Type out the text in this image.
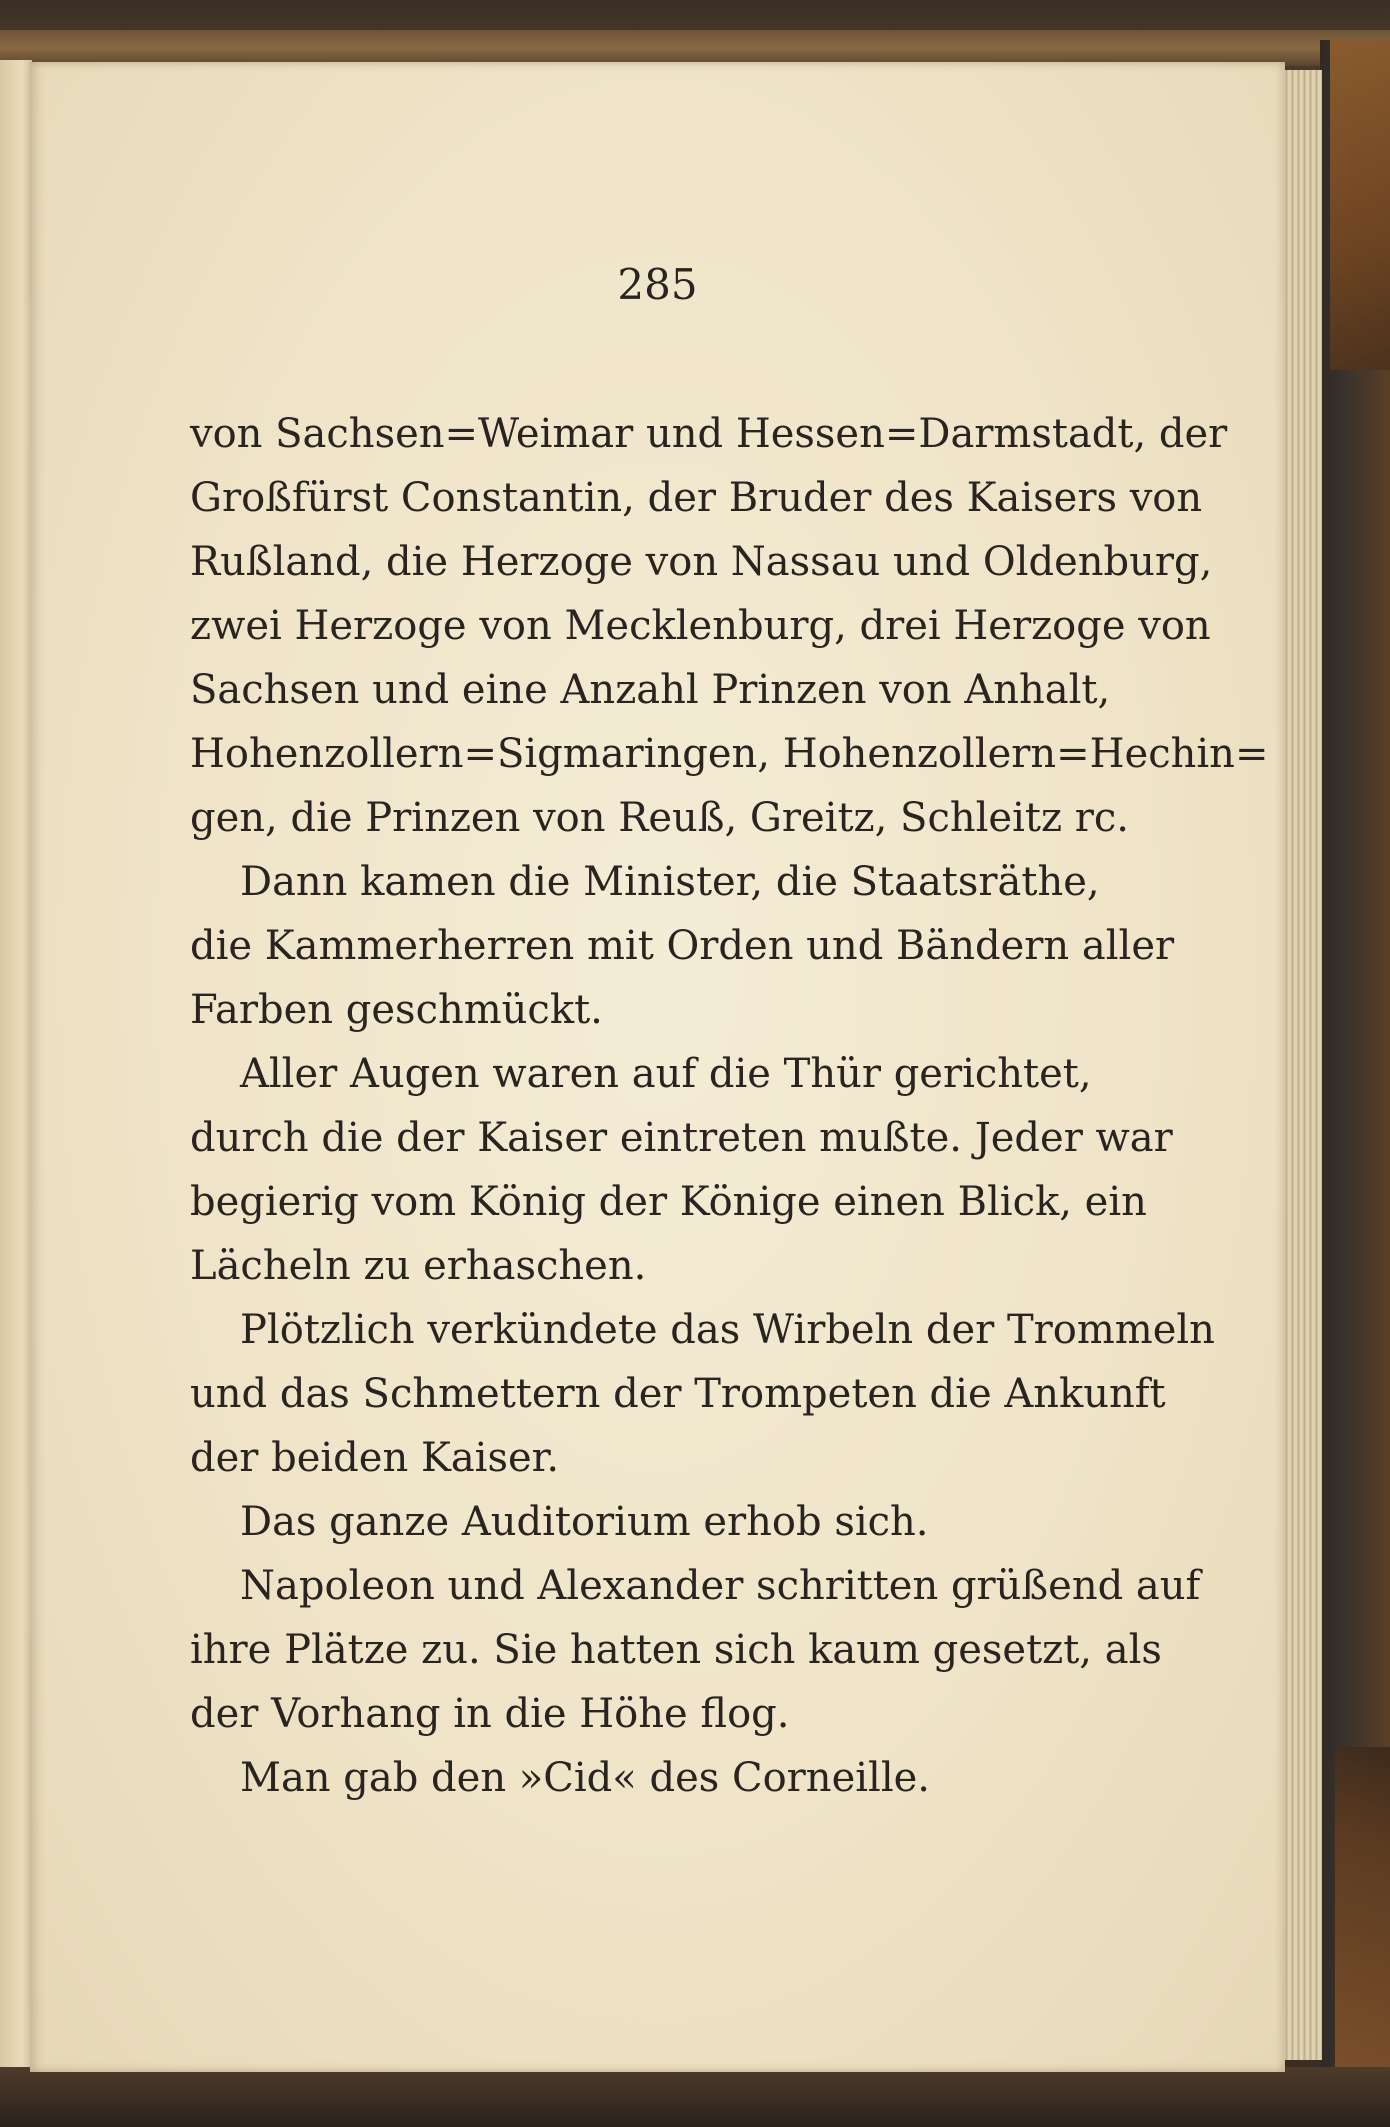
285
von Sachsen=Weimar und Hessen=Darmstadt, der
Großfürst Constantin, der Bruder des Kaisers von
Rußland, die Herzoge von Nassau und Oldenburg,
zwei Herzoge von Mecklenburg, drei Herzoge von
Sachsen und eine Anzahl Prinzen von Anhalt,
Hohenzollern=Sigmaringen, Hohenzollern=Hechin=
gen, die Prinzen von Reuß, Greitz, Schleitz rc.
Dann kamen die Minister, die Staatsräthe,
die Kammerherren mit Orden und Bändern aller
Farben geschmückt.
Aller Augen waren auf die Thür gerichtet,
durch die der Kaiser eintreten mußte. Jeder war
begierig vom König der Könige einen Blick, ein
Lächeln zu erhaschen.
Plötzlich verkündete das Wirbeln der Trommeln
und das Schmettern der Trompeten die Ankunft
der beiden Kaiser.
Das ganze Auditorium erhob sich.
Napoleon und Alexander schritten grüßend auf
ihre Plätze zu. Sie hatten sich kaum gesetzt, als
der Vorhang in die Höhe flog.
Man gab den »Cid« des Corneille.
